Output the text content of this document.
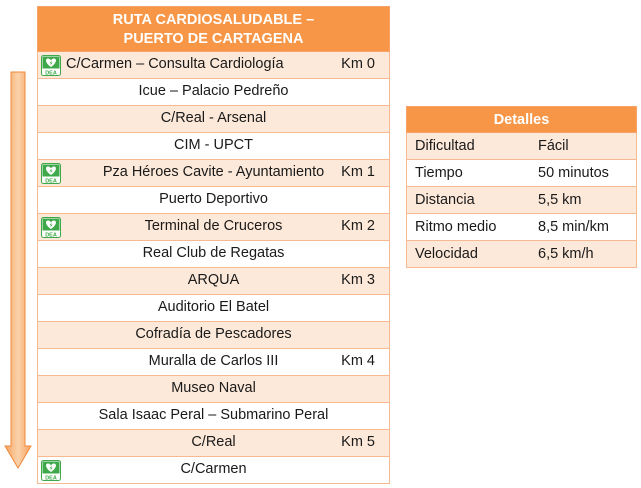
RUTA CARDIOSALUDABLE –
PUERTO DE CARTAGENA
DEA
C/Carmen – Consulta Cardiología	Km 0
Icue – Palacio Pedreño
C/Real - Arsenal
CIM - UPCT
DEA
Pza Héroes Cavite - Ayuntamiento	Km 1
Puerto Deportivo
DEA
Terminal de Cruceros	Km 2
Real Club de Regatas
ARQUA	Km 3
Auditorio El Batel
Cofradía de Pescadores
Muralla de Carlos III	Km 4
Museo Naval
Sala Isaac Peral – Submarino Peral
C/Real	Km 5
DEA
C/Carmen
Detalles
Dificultad	Fácil
Tiempo	50 minutos
Distancia	5,5 km
Ritmo medio	8,5 min/km
Velocidad	6,5 km/h
